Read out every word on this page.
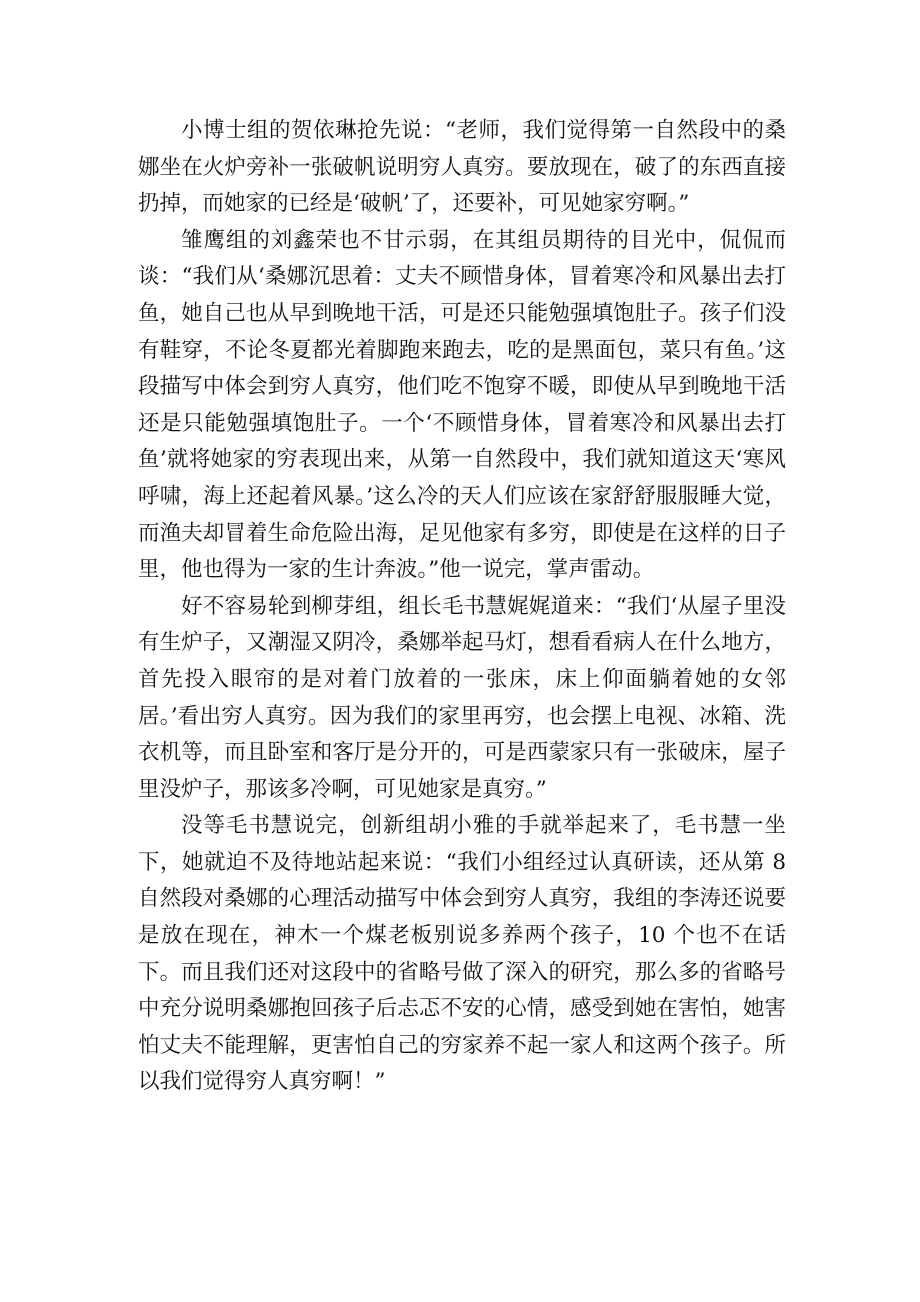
小博士组的贺依琳抢先说：“老师，我们觉得第一自然段中的桑娜坐在火炉旁补一张破帆说明穷人真穷。要放现在，破了的东西直接扔掉，而她家的已经是‘破帆’了，还要补，可见她家穷啊。”

雏鹰组的刘鑫荣也不甘示弱，在其组员期待的目光中，侃侃而谈：“我们从‘桑娜沉思着：丈夫不顾惜身体，冒着寒冷和风暴出去打鱼，她自己也从早到晚地干活，可是还只能勉强填饱肚子。孩子们没有鞋穿，不论冬夏都光着脚跑来跑去，吃的是黑面包，菜只有鱼。’这段描写中体会到穷人真穷，他们吃不饱穿不暖，即使从早到晚地干活还是只能勉强填饱肚子。一个‘不顾惜身体，冒着寒冷和风暴出去打鱼’就将她家的穷表现出来，从第一自然段中，我们就知道这天‘寒风呼啸，海上还起着风暴。’这么冷的天人们应该在家舒舒服服睡大觉，而渔夫却冒着生命危险出海，足见他家有多穷，即使是在这样的日子里，他也得为一家的生计奔波。”他一说完，掌声雷动。

好不容易轮到柳芽组，组长毛书慧娓娓道来：“我们‘从屋子里没有生炉子，又潮湿又阴冷，桑娜举起马灯，想看看病人在什么地方，首先投入眼帘的是对着门放着的一张床，床上仰面躺着她的女邻居。’看出穷人真穷。因为我们的家里再穷，也会摆上电视、冰箱、洗衣机等，而且卧室和客厅是分开的，可是西蒙家只有一张破床，屋子里没炉子，那该多冷啊，可见她家是真穷。”

没等毛书慧说完，创新组胡小雅的手就举起来了，毛书慧一坐下，她就迫不及待地站起来说：“我们小组经过认真研读，还从第 8 自然段对桑娜的心理活动描写中体会到穷人真穷，我组的李涛还说要是放在现在，神木一个煤老板别说多养两个孩子，10 个也不在话下。而且我们还对这段中的省略号做了深入的研究，那么多的省略号中充分说明桑娜抱回孩子后忐忑不安的心情，感受到她在害怕，她害怕丈夫不能理解，更害怕自己的穷家养不起一家人和这两个孩子。所以我们觉得穷人真穷啊！”
